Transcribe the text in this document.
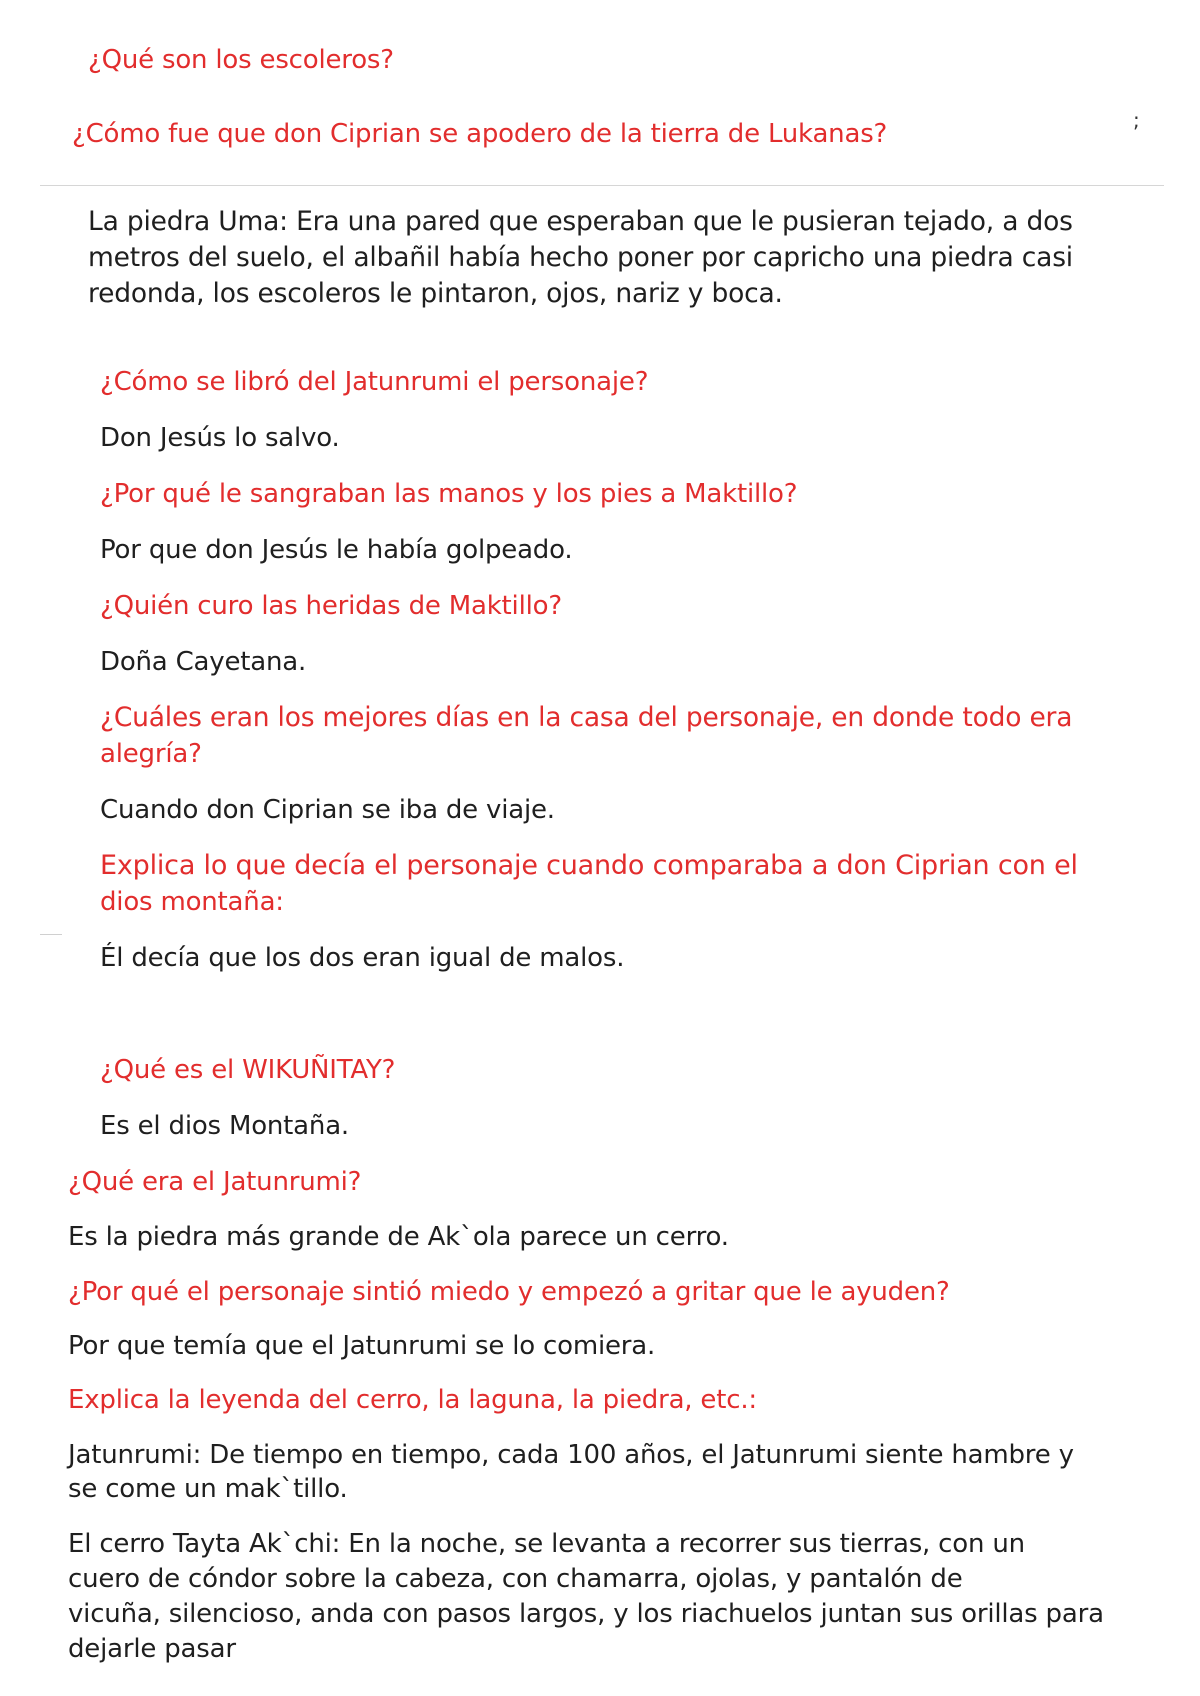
¿Qué son los escoleros?
¿Cómo fue que don Ciprian se apodero de la tierra de Lukanas?	;
La piedra Uma: Era una pared que esperaban que le pusieran tejado, a dos
metros del suelo, el albañil había hecho poner por capricho una piedra casi
redonda, los escoleros le pintaron, ojos, nariz y boca.
¿Cómo se libró del Jatunrumi el personaje?
Don Jesús lo salvo.
¿Por qué le sangraban las manos y los pies a Maktillo?
Por que don Jesús le había golpeado.
¿Quién curo las heridas de Maktillo?
Doña Cayetana.
¿Cuáles eran los mejores días en la casa del personaje, en donde todo era
alegría?
Cuando don Ciprian se iba de viaje.
Explica lo que decía el personaje cuando comparaba a don Ciprian con el
dios montaña:
Él decía que los dos eran igual de malos.
¿Qué es el WIKUÑITAY?
Es el dios Montaña.
¿Qué era el Jatunrumi?
Es la piedra más grande de Ak`ola parece un cerro.
¿Por qué el personaje sintió miedo y empezó a gritar que le ayuden?
Por que temía que el Jatunrumi se lo comiera.
Explica la leyenda del cerro, la laguna, la piedra, etc.:
Jatunrumi: De tiempo en tiempo, cada 100 años, el Jatunrumi siente hambre y
se come un mak`tillo.
El cerro Tayta Ak`chi: En la noche, se levanta a recorrer sus tierras, con un
cuero de cóndor sobre la cabeza, con chamarra, ojolas, y pantalón de
vicuña, silencioso, anda con pasos largos, y los riachuelos juntan sus orillas para
dejarle pasar
